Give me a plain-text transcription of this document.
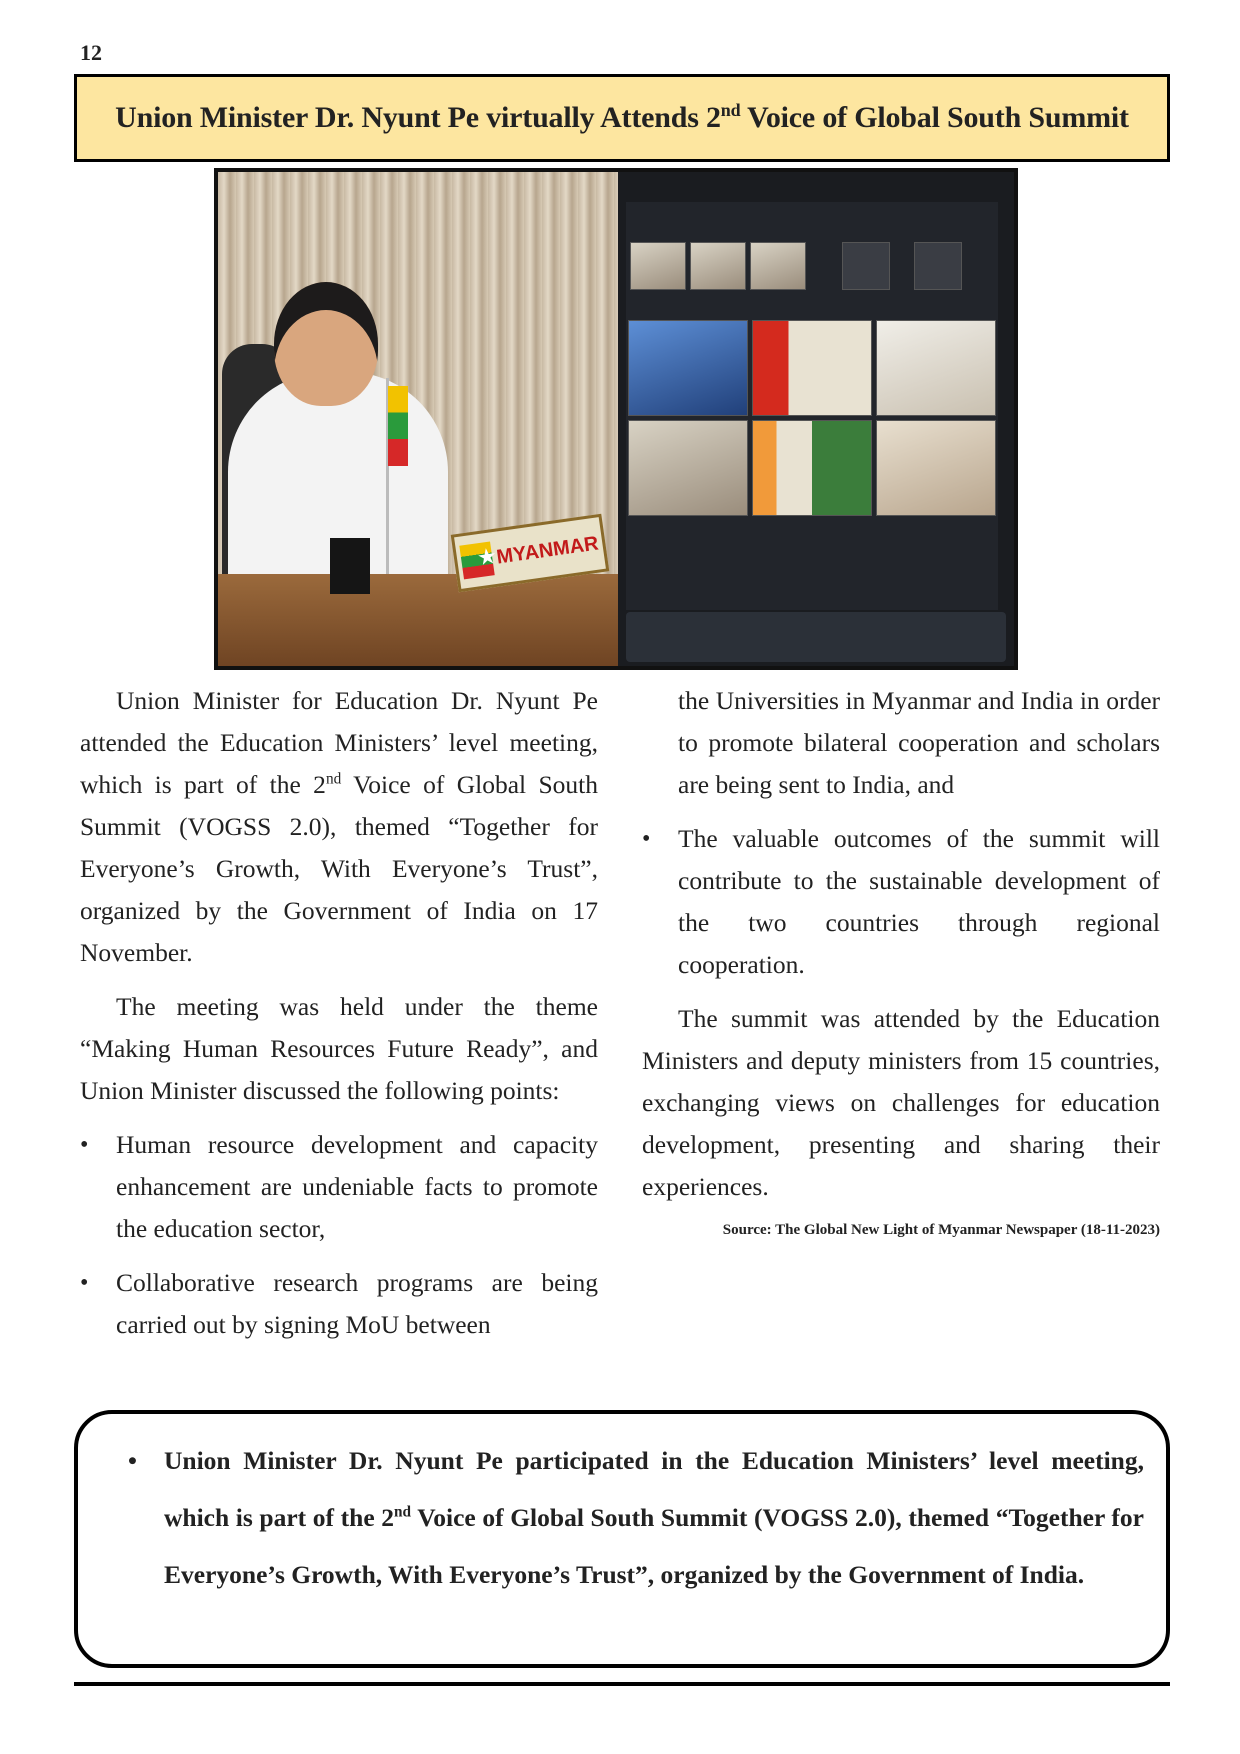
12
Union Minister Dr. Nyunt Pe virtually Attends 2nd Voice of Global South Summit
★
MYANMAR

Union Minister for Education Dr. Nyunt Pe attended the Education Ministers’ level meeting, which is part of the 2nd Voice of Global South Summit (VOGSS 2.0), themed “Together for Everyone’s Growth, With Everyone’s Trust”, organized by the Government of India on 17 November.

The meeting was held under the theme “Making Human Resources Future Ready”, and Union Minister discussed the following points:

• Human resource development and capacity enhancement are undeniable facts to promote the education sector,
• Collaborative research programs are being carried out by signing MoU between

the Universities in Myanmar and India in order to promote bilateral cooperation and scholars are being sent to India, and

• The valuable outcomes of the summit will contribute to the sustainable development of the two countries through regional cooperation.

The summit was attended by the Education Ministers and deputy ministers from 15 countries, exchanging views on challenges for education development, presenting and sharing their experiences.

Source: The Global New Light of Myanmar Newspaper (18-11-2023)

• Union Minister Dr. Nyunt Pe participated in the Education Ministers’ level meeting, which is part of the 2nd Voice of Global South Summit (VOGSS 2.0), themed “Together for Everyone’s Growth, With Everyone’s Trust”, organized by the Government of India.
